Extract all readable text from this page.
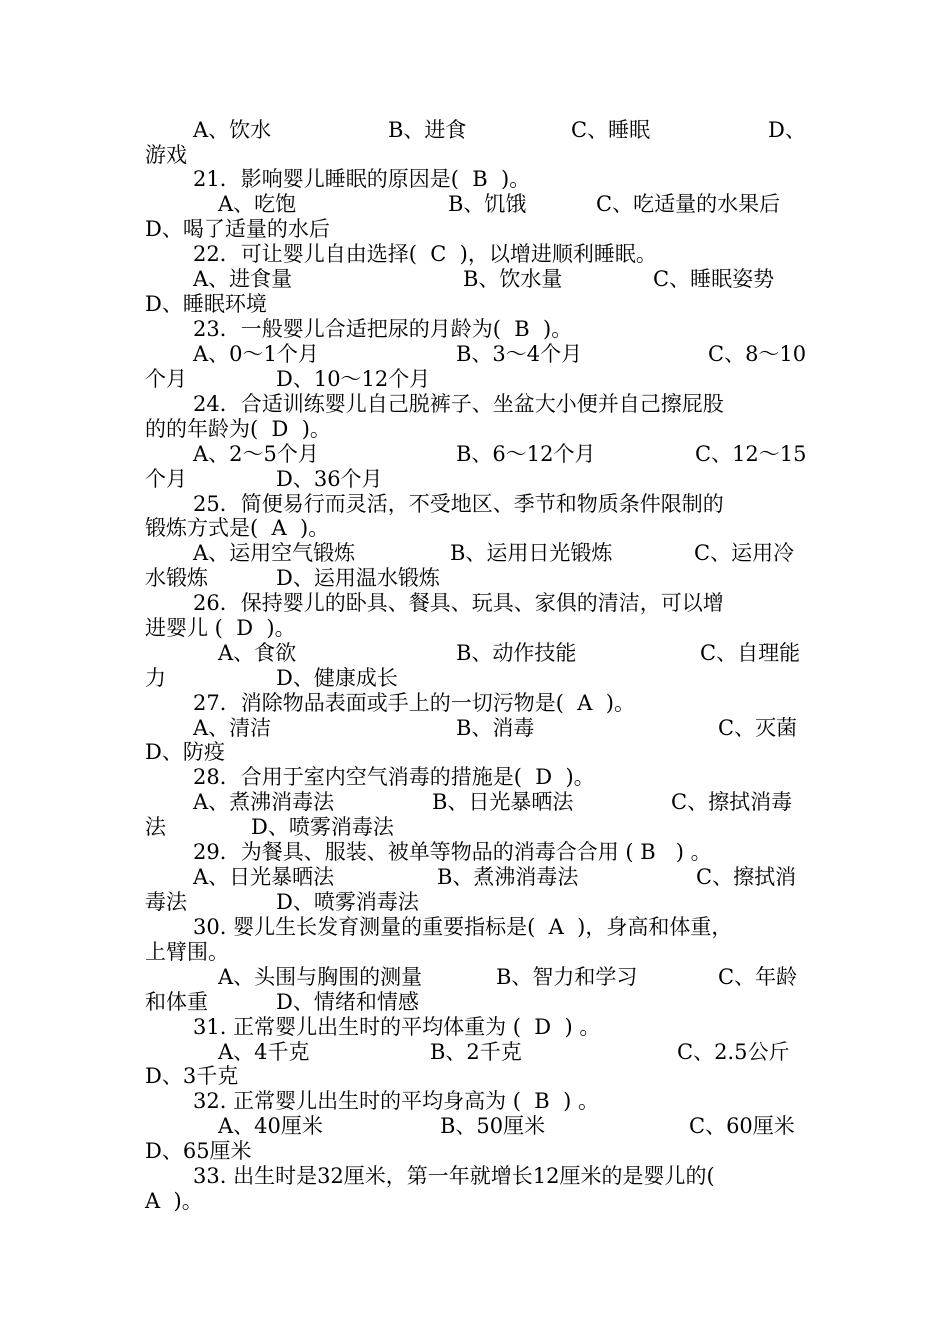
A、饮水	B、进食	C、睡眠	D、
游戏
21．影响婴儿睡眠的原因是(  B  )。
A、吃饱	B、饥饿	C、吃适量的水果后
D、喝了适量的水后
22．可让婴儿自由选择(  C  )，以增进顺利睡眠。
A、进食量	B、饮水量	C、睡眠姿势
D、睡眠环境
23．一般婴儿合适把尿的月龄为(  B  )。
A、0～1个月	B、3～4个月	C、8～10
个月	D、10～12个月
24．合适训练婴儿自己脱裤子、坐盆大小便并自己擦屁股
的的年龄为(  D  )。
A、2～5个月	B、6～12个月	C、12～15
个月	D、36个月
25．简便易行而灵活，不受地区、季节和物质条件限制的
锻炼方式是(  A  )。
A、运用空气锻炼	B、运用日光锻炼	C、运用冷
水锻炼	D、运用温水锻炼
26．保持婴儿的卧具、餐具、玩具、家俱的清洁，可以增
进婴儿 (  D  )。
A、食欲	B、动作技能	C、自理能
力	D、健康成长
27．消除物品表面或手上的一切污物是(  A  )。
A、清洁	B、消毒	C、灭菌
D、防疫
28．合用于室内空气消毒的措施是(  D  )。
A、煮沸消毒法	B、日光暴晒法	C、擦拭消毒
法	D、喷雾消毒法
29．为餐具、服装、被单等物品的消毒合合用 ( B   ) 。
A、日光暴晒法	B、煮沸消毒法	C、擦拭消
毒法	D、喷雾消毒法
30. 婴儿生长发育测量的重要指标是(  A  )，身高和体重，
上臂围。
A、头围与胸围的测量	B、智力和学习	C、年龄
和体重	D、情绪和情感
31. 正常婴儿出生时的平均体重为 (  D  ) 。
A、4千克	B、2千克	C、2.5公斤
D、3千克
32. 正常婴儿出生时的平均身高为 (  B  ) 。
A、40厘米	B、50厘米	C、60厘米
D、65厘米
33. 出生时是32厘米，第一年就增长12厘米的是婴儿的(
A  )。
